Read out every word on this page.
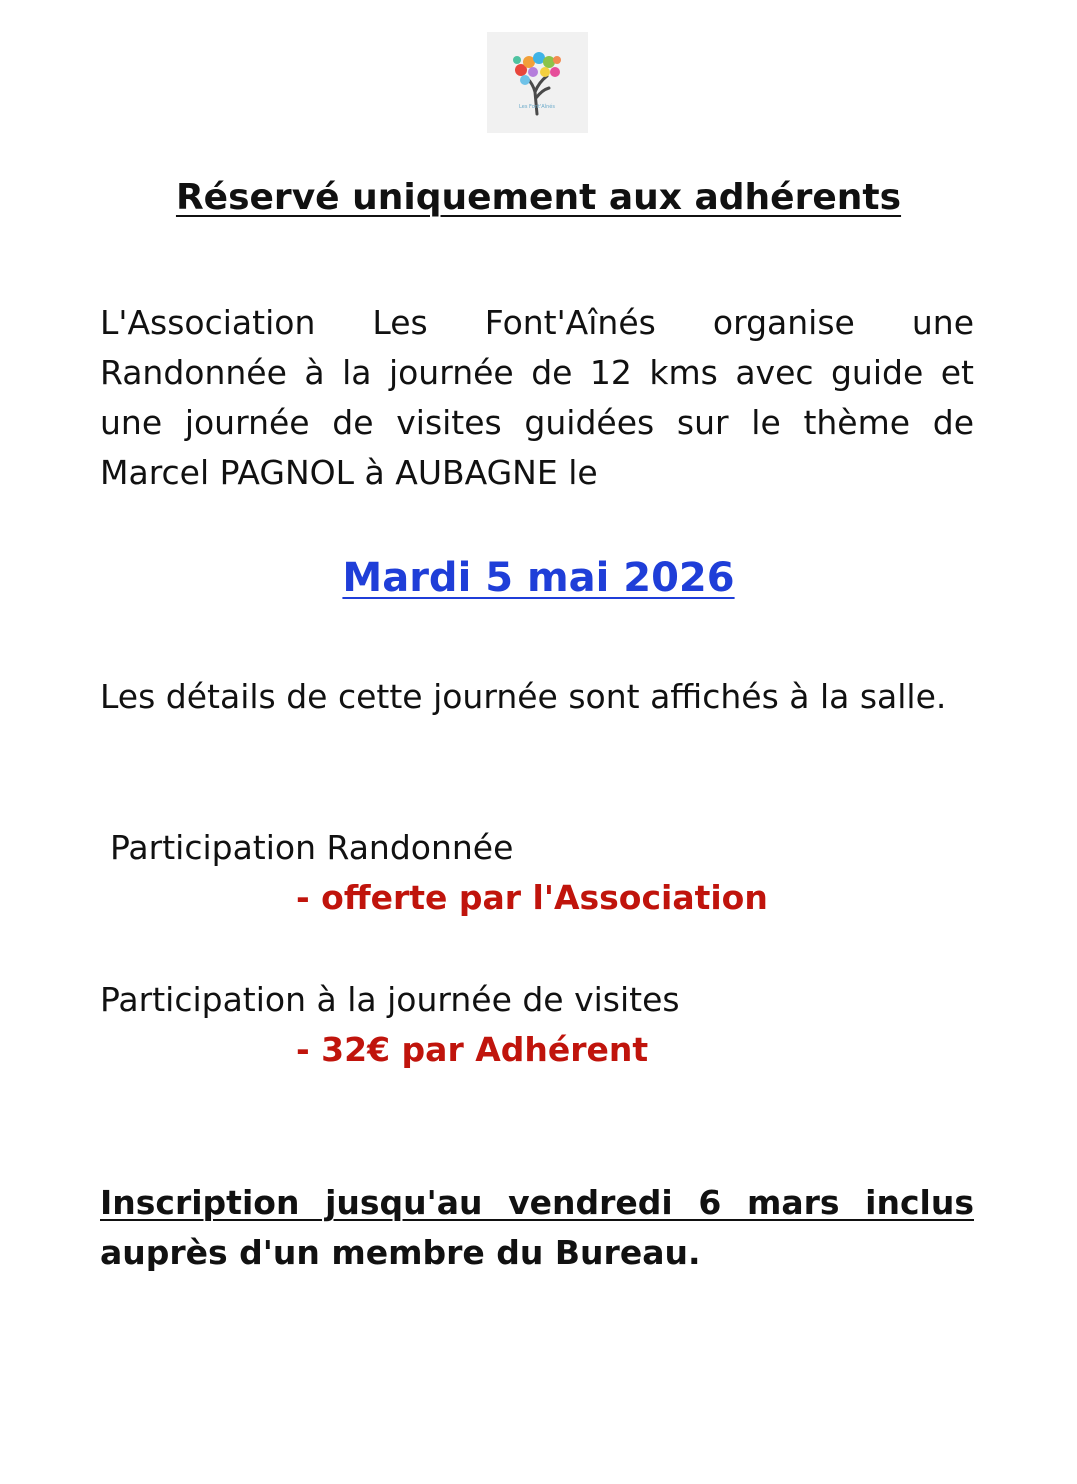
Les Font'Aînés
Réservé uniquement aux adhérents

L'Association Les Font'Aînés organise une Randonnée à la journée de 12 kms avec guide et une journée de visites guidées sur le thème de Marcel PAGNOL à AUBAGNE le

Mardi 5 mai 2026

Les détails de cette journée sont affichés à la salle.

Participation Randonnée
- offerte par l'Association
Participation à la journée de visites
- 32€ par Adhérent

Inscription jusqu'au vendredi 6 mars inclus auprès d'un membre du Bureau.
